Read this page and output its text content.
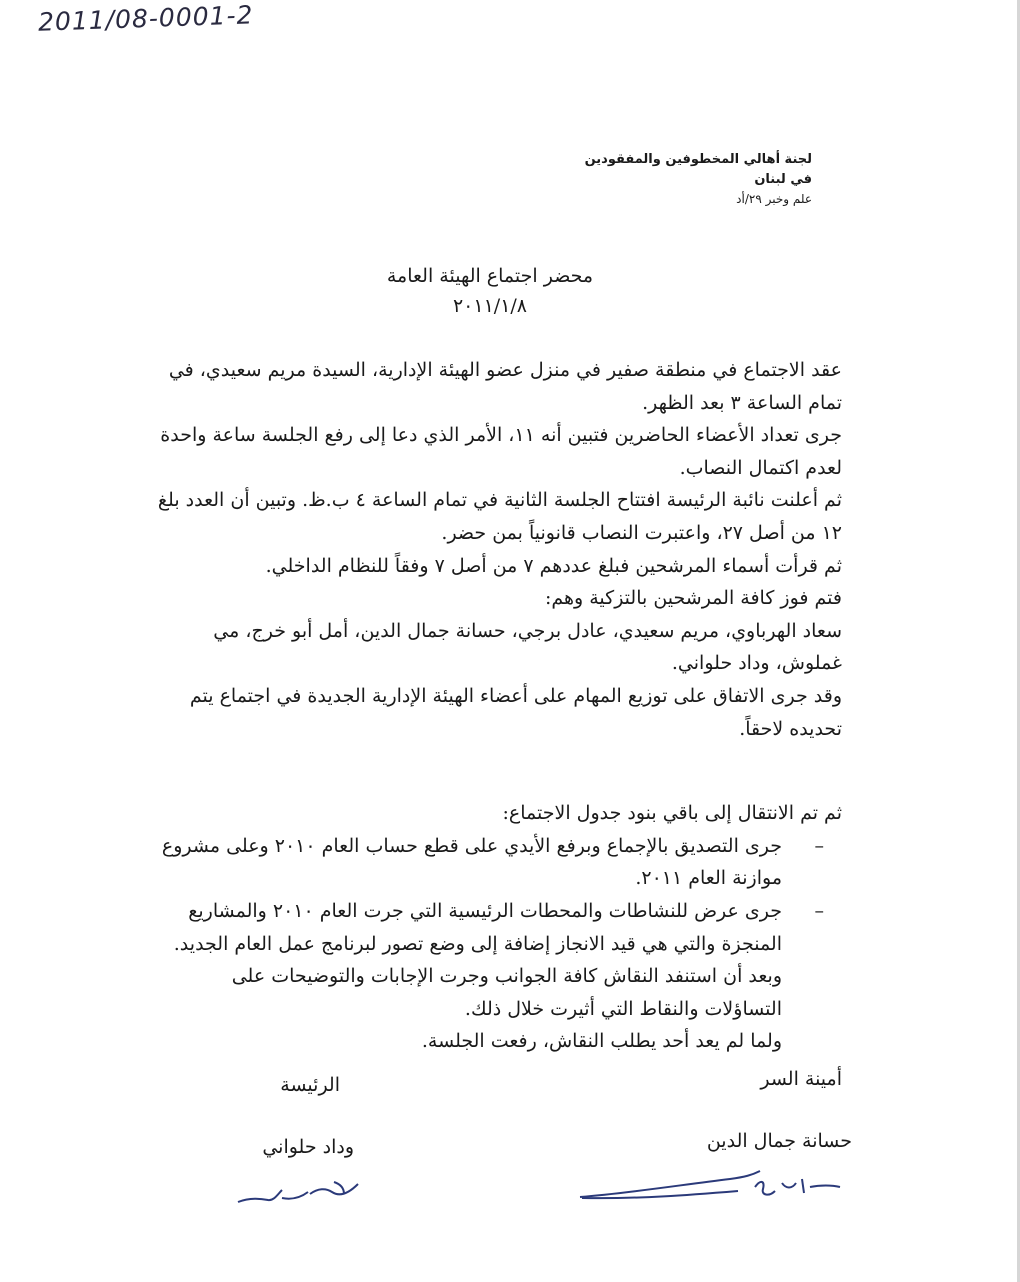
2011/08-0001-2
لجنة أهالي المخطوفين والمفقودين
في لبنان
علم وخبر ٢٩/أد
محضر اجتماع الهيئة العامة
٢٠١١/١/٨

عقد الاجتماع في منطقة صفير في منزل عضو الهيئة الإدارية، السيدة مريم سعيدي، في تمام الساعة ٣ بعد الظهر.

جرى تعداد الأعضاء الحاضرين فتبين أنه ١١، الأمر الذي دعا إلى رفع الجلسة ساعة واحدة لعدم اكتمال النصاب.

ثم أعلنت نائبة الرئيسة افتتاح الجلسة الثانية في تمام الساعة ٤ ب.ظ. وتبين أن العدد بلغ ١٢ من أصل ٢٧، واعتبرت النصاب قانونياً بمن حضر.

ثم قرأت أسماء المرشحين فبلغ عددهم ٧ من أصل ٧ وفقاً للنظام الداخلي.

فتم فوز كافة المرشحين بالتزكية وهم:

سعاد الهرباوي، مريم سعيدي، عادل برجي، حسانة جمال الدين، أمل أبو خرج، مي غملوش، وداد حلواني.

وقد جرى الاتفاق على توزيع المهام على أعضاء الهيئة الإدارية الجديدة في اجتماع يتم تحديده لاحقاً.

ثم تم الانتقال إلى باقي بنود جدول الاجتماع:

–
جرى التصديق بالإجماع وبرفع الأيدي على قطع حساب العام ٢٠١٠ وعلى مشروع موازنة العام ٢٠١١.

–
جرى عرض للنشاطات والمحطات الرئيسية التي جرت العام ٢٠١٠ والمشاريع المنجزة والتي هي قيد الانجاز إضافة إلى وضع تصور لبرنامج عمل العام الجديد.

وبعد أن استنفد النقاش كافة الجوانب وجرت الإجابات والتوضيحات على التساؤلات والنقاط التي أثيرت خلال ذلك.

ولما لم يعد أحد يطلب النقاش، رفعت الجلسة.

أمينة السر
الرئيسة
حسانة جمال الدين
وداد حلواني
